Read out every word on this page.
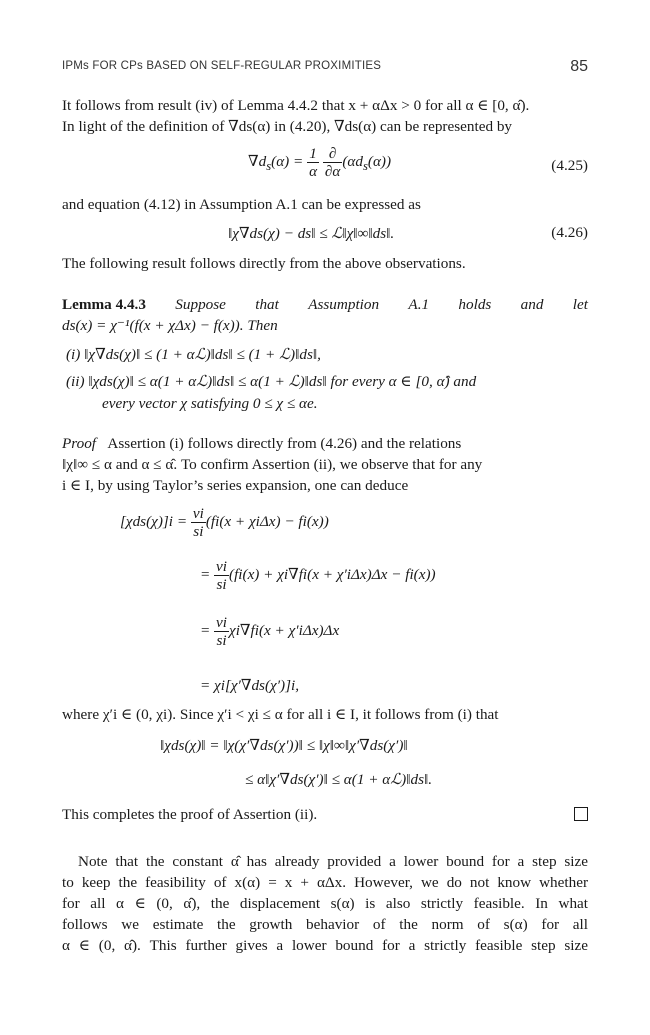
IPMs FOR CPs BASED ON SELF-REGULAR PROXIMITIES	85
It follows from result (iv) of Lemma 4.4.2 that x + αΔx > 0 for all α ∈ [0, α̂).
In light of the definition of ∇ds(α) in (4.20), ∇ds(α) can be represented by
$\nabla d_s(\alpha) = \frac{1}{\alpha}$
$\frac{\partial}{\partial\alpha} (\alpha d_s(\alpha))$	(4.25)
and equation (4.12) in Assumption A.1 can be expressed as
‖χ∇ds(χ) − ds‖ ≤ ℒ‖χ‖∞‖ds‖.	(4.26)
The following result follows directly from the above observations.
Lemma 4.4.3 Suppose that Assumption A.1 holds and let
ds(x) = χ⁻¹(f(x + χΔx) − f(x)). Then
(i) ‖χ∇ds(χ)‖ ≤ (1 + αℒ)‖ds‖ ≤ (1 + ℒ)‖ds‖,
(ii) ‖χds(χ)‖ ≤ α(1 + αℒ)‖ds‖ ≤ α(1 + ℒ)‖ds‖ for every α ∈ [0, α̂) and
every vector χ satisfying 0 ≤ χ ≤ αe.
Proof Assertion (i) follows directly from (4.26) and the relations
‖χ‖∞ ≤ α and α ≤ α̂. To confirm Assertion (ii), we observe that for any
i ∈ I, by using Taylor’s series expansion, one can deduce
$[\chi ds(\chi)]i = \frac{vi}{si} (fi(x + \chi i\Delta x) - fi(x))$
= $\frac{vi}{si} (fi(x) + \chi i\nabla fi(x + \chi'i\Delta x)\Delta x - fi(x))$
= $\frac{vi}{si} \chi i\nabla fi(x + \chi'i\Delta x)\Delta x$
= χi[χ′∇ds(χ′)]i,
where χ′i ∈ (0, χi). Since χ′i < χi ≤ α for all i ∈ I, it follows from (i) that
‖χds(χ)‖ = ‖χ(χ′∇ds(χ′))‖ ≤ ‖χ‖∞‖χ′∇ds(χ′)‖
≤ α‖χ′∇ds(χ′)‖ ≤ α(1 + αℒ)‖ds‖.
This completes the proof of Assertion (ii).
Note that the constant α̂ has already provided a lower bound for a step size
to keep the feasibility of x(α) = x + αΔx. However, we do not know whether
for all α ∈ (0, α̂), the displacement s(α) is also strictly feasible. In what
follows we estimate the growth behavior of the norm of s(α) for all
α ∈ (0, α̂). This further gives a lower bound for a strictly feasible step size
